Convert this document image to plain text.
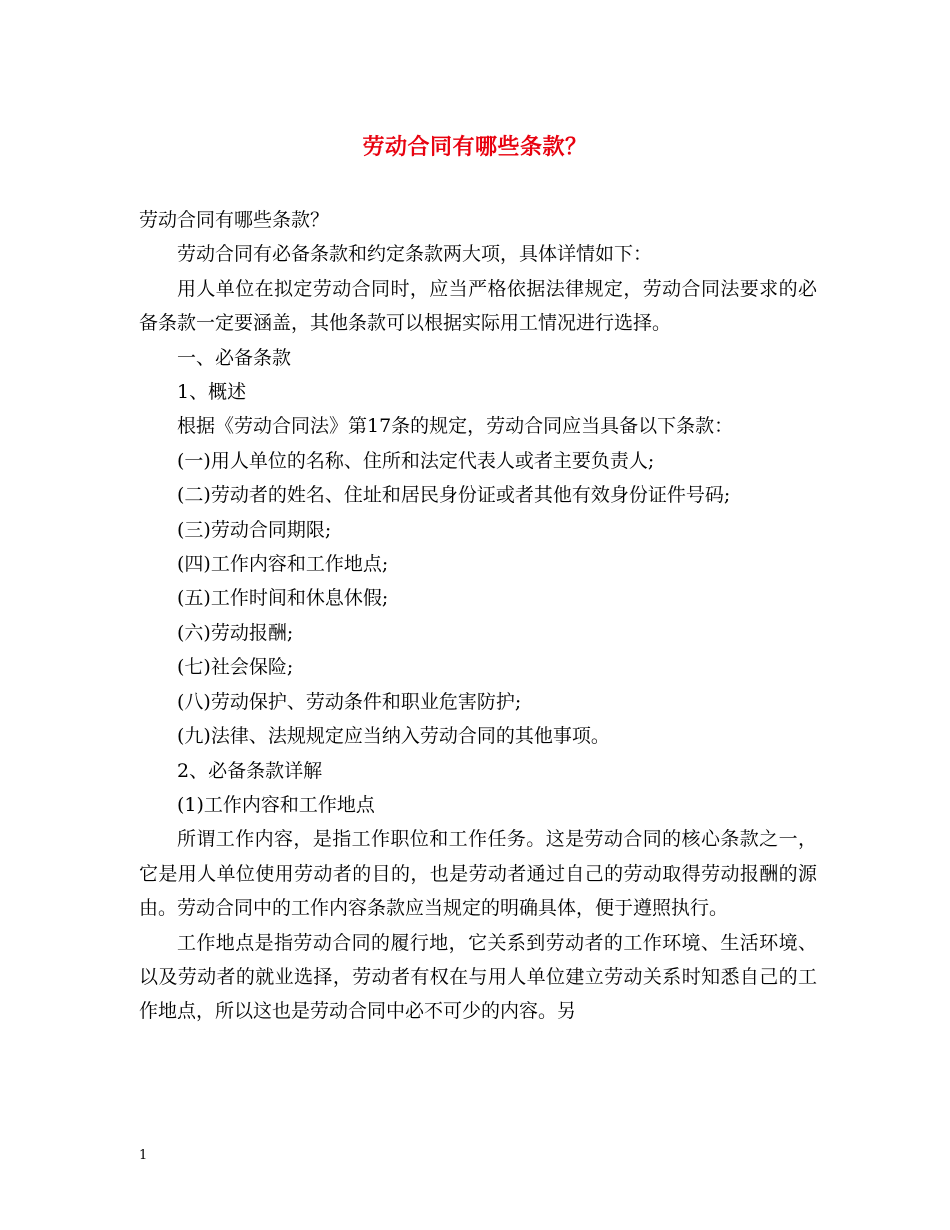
劳动合同有哪些条款？

劳动合同有哪些条款？

劳动合同有必备条款和约定条款两大项，具体详情如下：

用人单位在拟定劳动合同时，应当严格依据法律规定，劳动合同法要求的必备条款一定要涵盖，其他条款可以根据实际用工情况进行选择。

一、必备条款

1、概述

根据《劳动合同法》第17条的规定，劳动合同应当具备以下条款：

(一)用人单位的名称、住所和法定代表人或者主要负责人;

(二)劳动者的姓名、住址和居民身份证或者其他有效身份证件号码;

(三)劳动合同期限;

(四)工作内容和工作地点;

(五)工作时间和休息休假;

(六)劳动报酬;

(七)社会保险;

(八)劳动保护、劳动条件和职业危害防护;

(九)法律、法规规定应当纳入劳动合同的其他事项。

2、必备条款详解

(1)工作内容和工作地点

所谓工作内容，是指工作职位和工作任务。这是劳动合同的核心条款之一，它是用人单位使用劳动者的目的，也是劳动者通过自己的劳动取得劳动报酬的源由。劳动合同中的工作内容条款应当规定的明确具体，便于遵照执行。

工作地点是指劳动合同的履行地，它关系到劳动者的工作环境、生活环境、以及劳动者的就业选择，劳动者有权在与用人单位建立劳动关系时知悉自己的工作地点，所以这也是劳动合同中必不可少的内容。另

1
